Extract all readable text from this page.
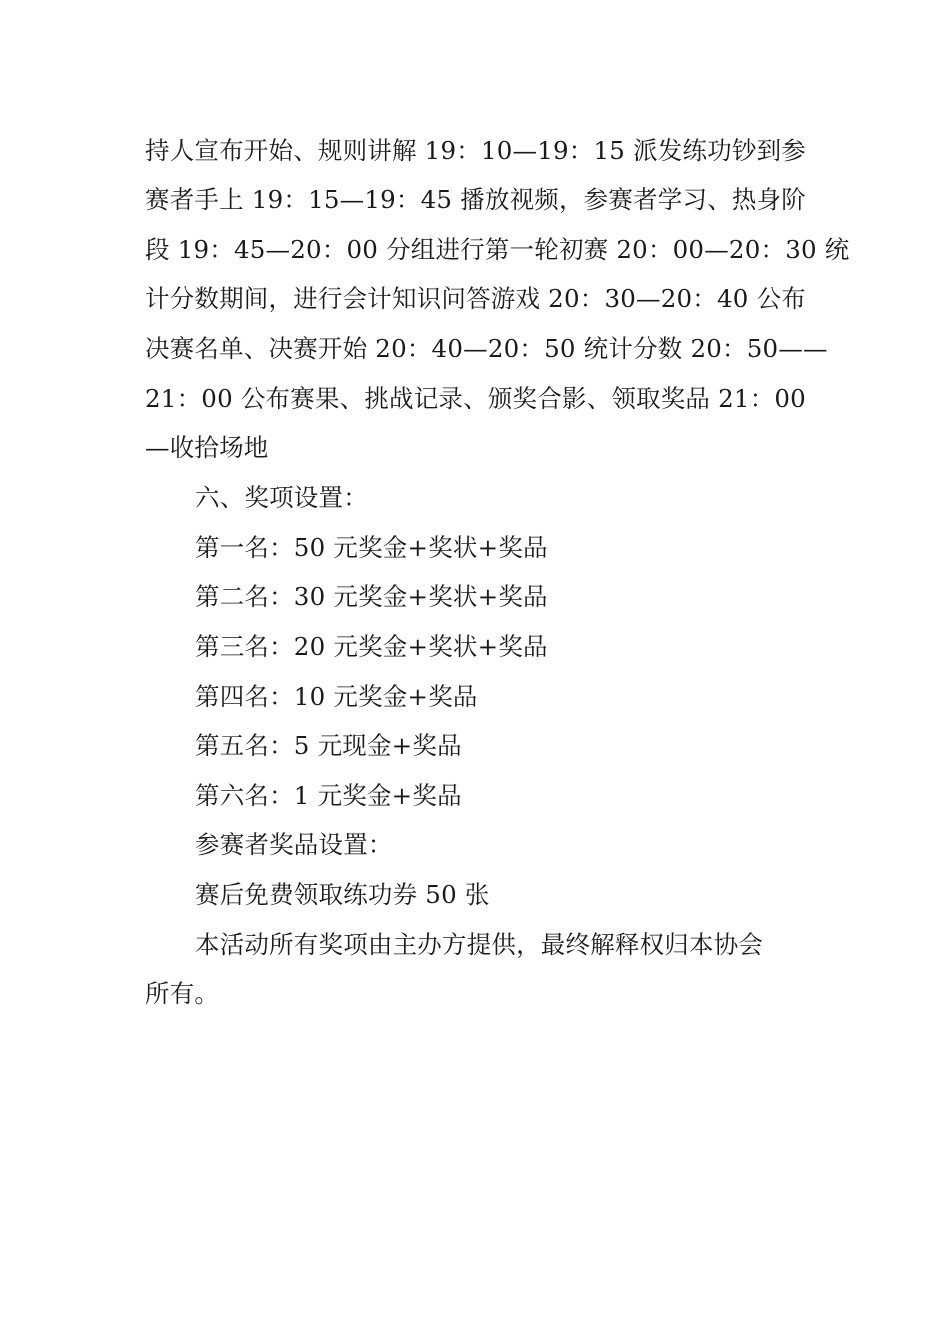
持人宣布开始、规则讲解 19：10—19：15 派发练功钞到参
赛者手上 19：15—19：45 播放视频，参赛者学习、热身阶
段 19：45—20：00 分组进行第一轮初赛 20：00—20：30 统
计分数期间，进行会计知识问答游戏 20：30—20：40 公布
决赛名单、决赛开始 20：40—20：50 统计分数 20：50——
21：00 公布赛果、挑战记录、颁奖合影、领取奖品 21：00
—收拾场地
六、奖项设置：
第一名：50 元奖金+奖状+奖品
第二名：30 元奖金+奖状+奖品
第三名：20 元奖金+奖状+奖品
第四名：10 元奖金+奖品
第五名：5 元现金+奖品
第六名：1 元奖金+奖品
参赛者奖品设置：
赛后免费领取练功券 50 张
本活动所有奖项由主办方提供，最终解释权归本协会
所有。
